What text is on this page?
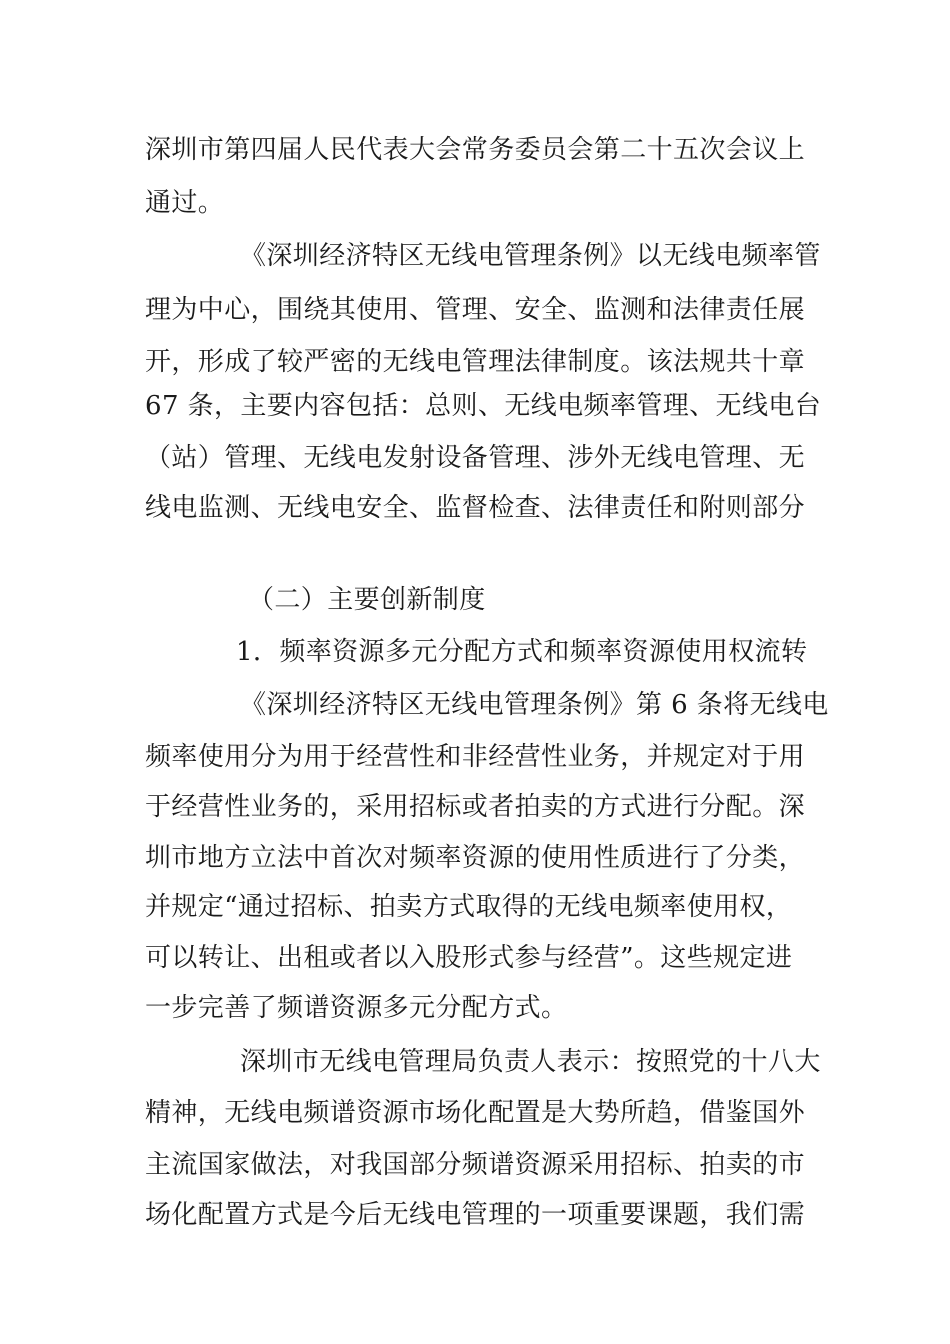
深圳市第四届人民代表大会常务委员会第二十五次会议上
通过。
《深圳经济特区无线电管理条例》以无线电频率管
理为中心，围绕其使用、管理、安全、监测和法律责任展
开，形成了较严密的无线电管理法律制度。该法规共十章
67 条，主要内容包括：总则、无线电频率管理、无线电台
（站）管理、无线电发射设备管理、涉外无线电管理、无
线电监测、无线电安全、监督检查、法律责任和附则部分
（二）主要创新制度
1．频率资源多元分配方式和频率资源使用权流转
《深圳经济特区无线电管理条例》第 6 条将无线电
频率使用分为用于经营性和非经营性业务，并规定对于用
于经营性业务的，采用招标或者拍卖的方式进行分配。深
圳市地方立法中首次对频率资源的使用性质进行了分类，
并规定“通过招标、拍卖方式取得的无线电频率使用权，
可以转让、出租或者以入股形式参与经营”。这些规定进
一步完善了频谱资源多元分配方式。
深圳市无线电管理局负责人表示：按照党的十八大
精神，无线电频谱资源市场化配置是大势所趋，借鉴国外
主流国家做法，对我国部分频谱资源采用招标、拍卖的市
场化配置方式是今后无线电管理的一项重要课题，我们需
